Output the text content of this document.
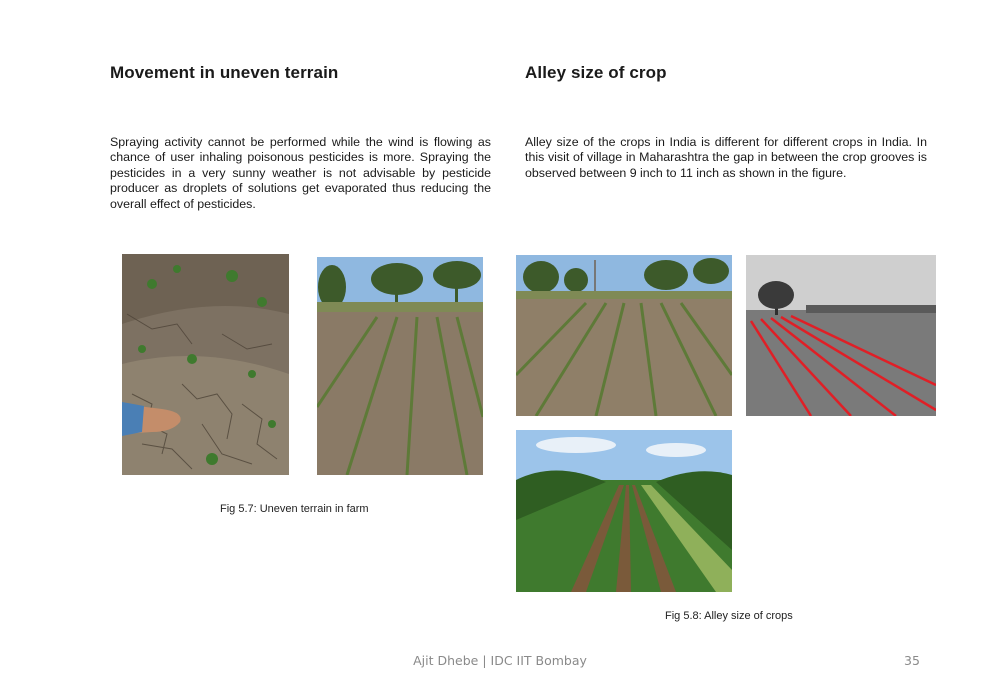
Movement in uneven terrain
Spraying activity cannot be performed while the wind is flowing as chance of user inhaling poisonous pesticides is more. Spraying the pesticides in a very sunny weather is not advisable by pesticide producer as droplets of solutions get evaporated thus reducing the overall effect of pesticides.
Alley size of crop
Alley size of the crops in India is different for different crops in India. In this visit of village in Maharashtra the gap in between the crop grooves is observed between 9 inch to 11 inch as shown in the figure.
Fig 5.7: Uneven terrain in farm
Fig 5.8: Alley size of crops
Ajit Dhebe | IDC IIT Bombay	35
